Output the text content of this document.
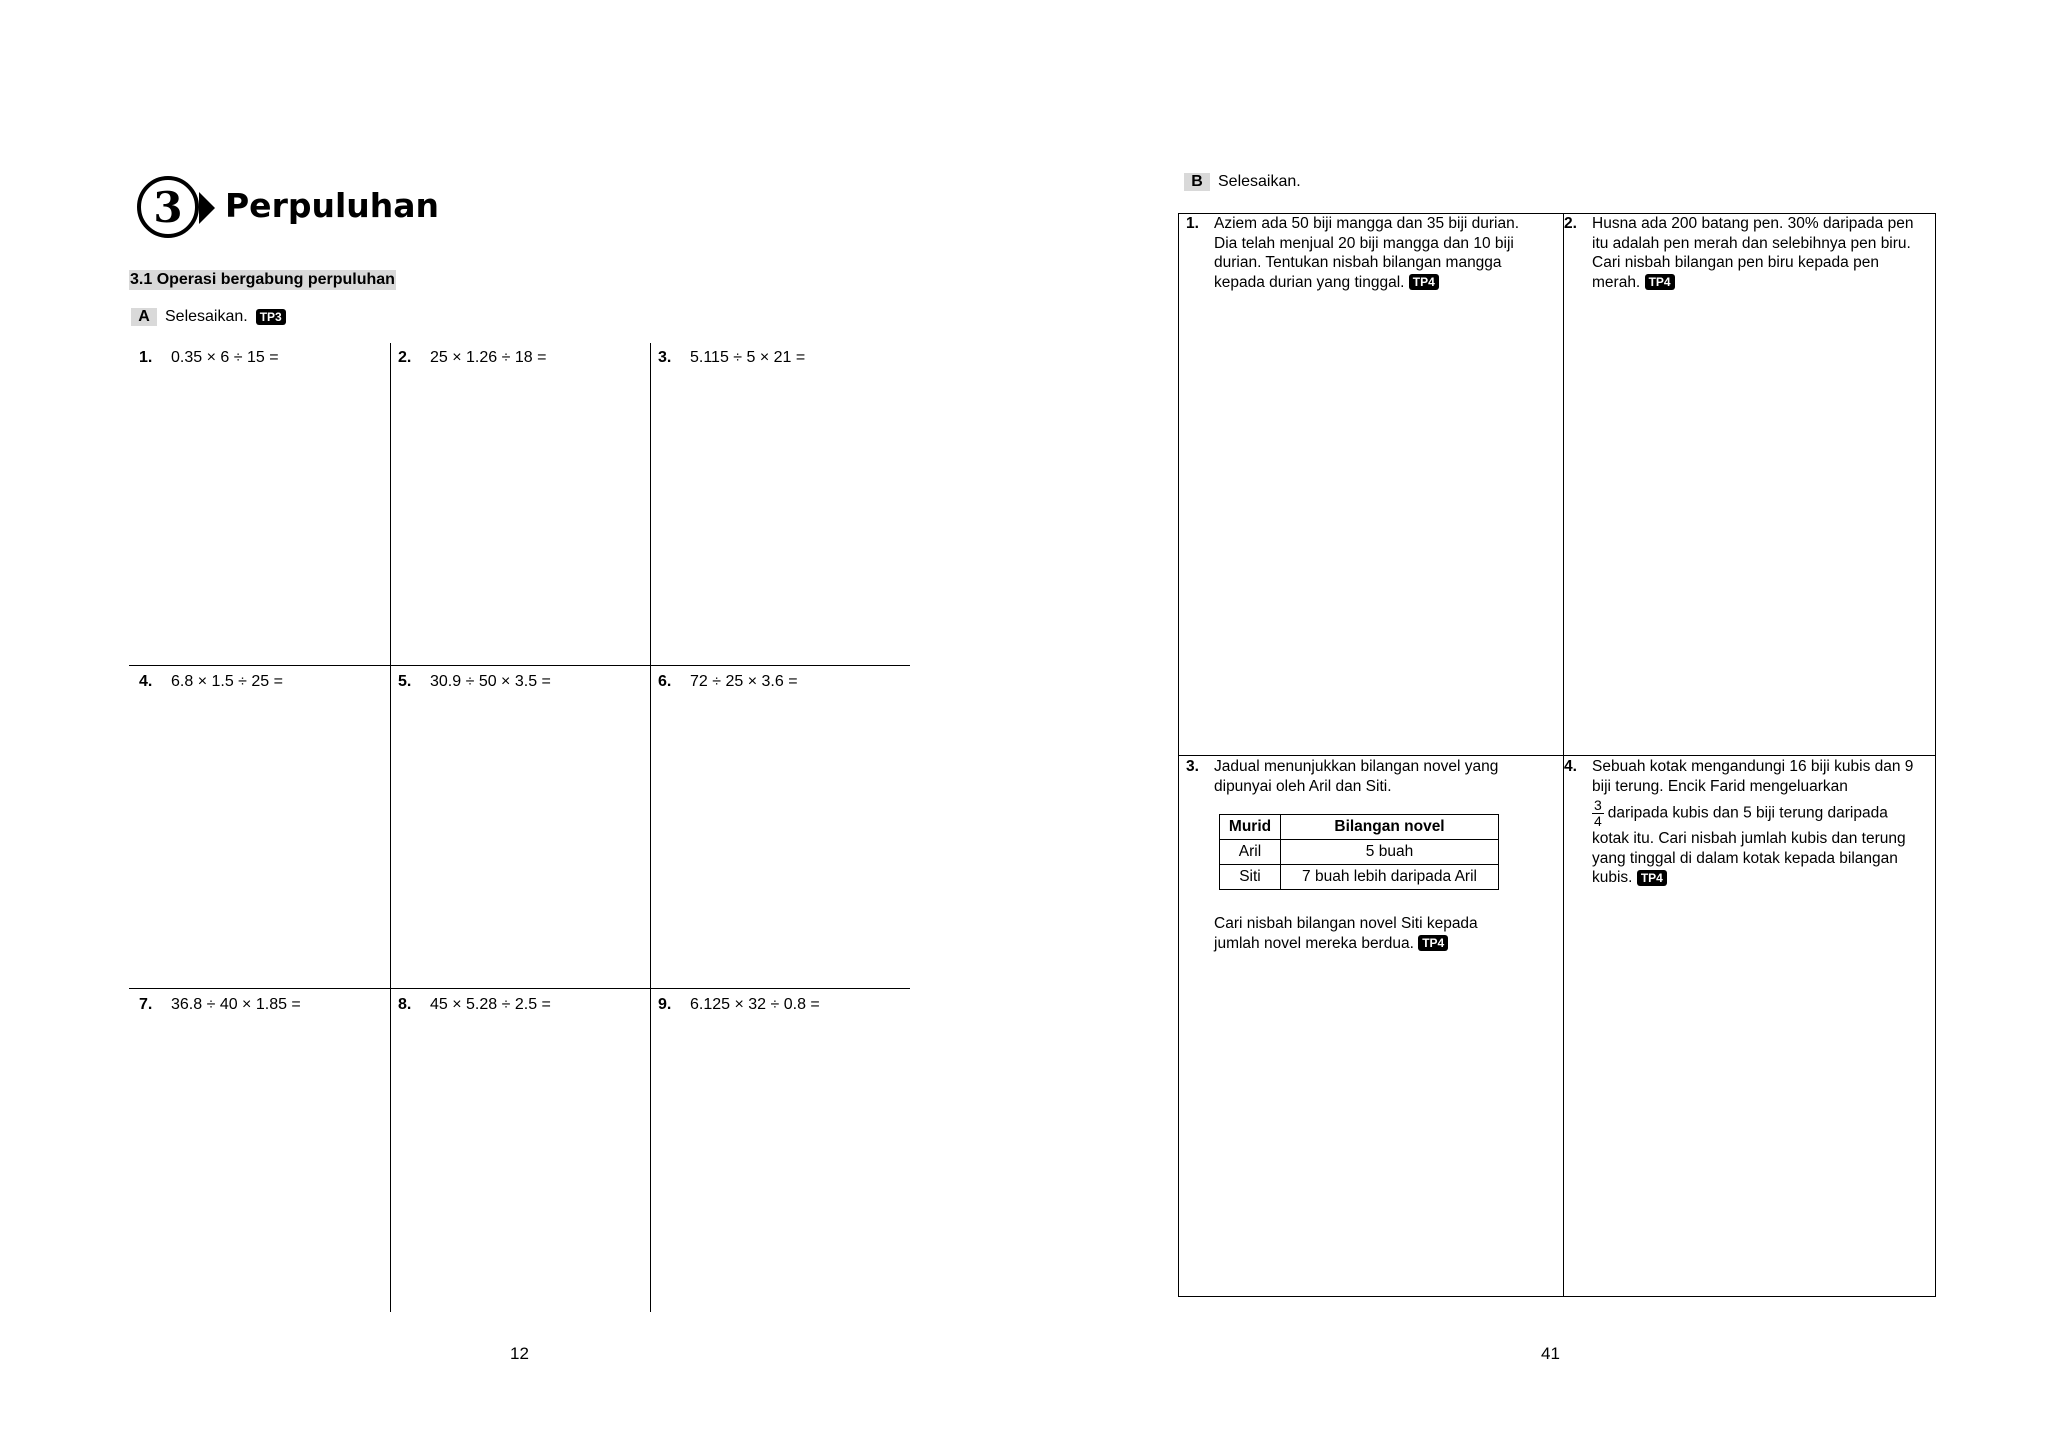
3 Perpuluhan
3.1 Operasi bergabung perpuluhan
A Selesaikan.	TP3
1. 0.35 × 6 ÷ 15 =	2. 25 × 1.26 ÷ 18 =	3. 5.115 ÷ 5 × 21 =
4. 6.8 × 1.5 ÷ 25 =	5. 30.9 ÷ 50 × 3.5 =	6. 72 ÷ 25 × 3.6 =
7. 36.8 ÷ 40 × 1.85 =	8. 45 × 5.28 ÷ 2.5 =	9. 6.125 × 32 ÷ 0.8 =
12
B Selesaikan.
1. Aziem ada 50 biji mangga dan 35 biji durian. Dia telah menjual 20 biji mangga dan 10 biji durian. Tentukan nisbah bilangan mangga kepada durian yang tinggal. TP4
2. Husna ada 200 batang pen. 30% daripada pen itu adalah pen merah dan selebihnya pen biru. Cari nisbah bilangan pen biru kepada pen merah. TP4
3. Jadual menunjukkan bilangan novel yang dipunyai oleh Aril dan Siti.
Murid	Bilangan novel
Aril	5 buah
Siti	7 buah lebih daripada Aril
Cari nisbah bilangan novel Siti kepada jumlah novel mereka berdua. TP4
4. Sebuah kotak mengandungi 16 biji kubis dan 9 biji terung. Encik Farid mengeluarkan
$\frac{3}{4}$ daripada kubis dan 5 biji terung daripada kotak itu. Cari nisbah jumlah kubis dan terung yang tinggal di dalam kotak kepada bilangan kubis. TP4
41
